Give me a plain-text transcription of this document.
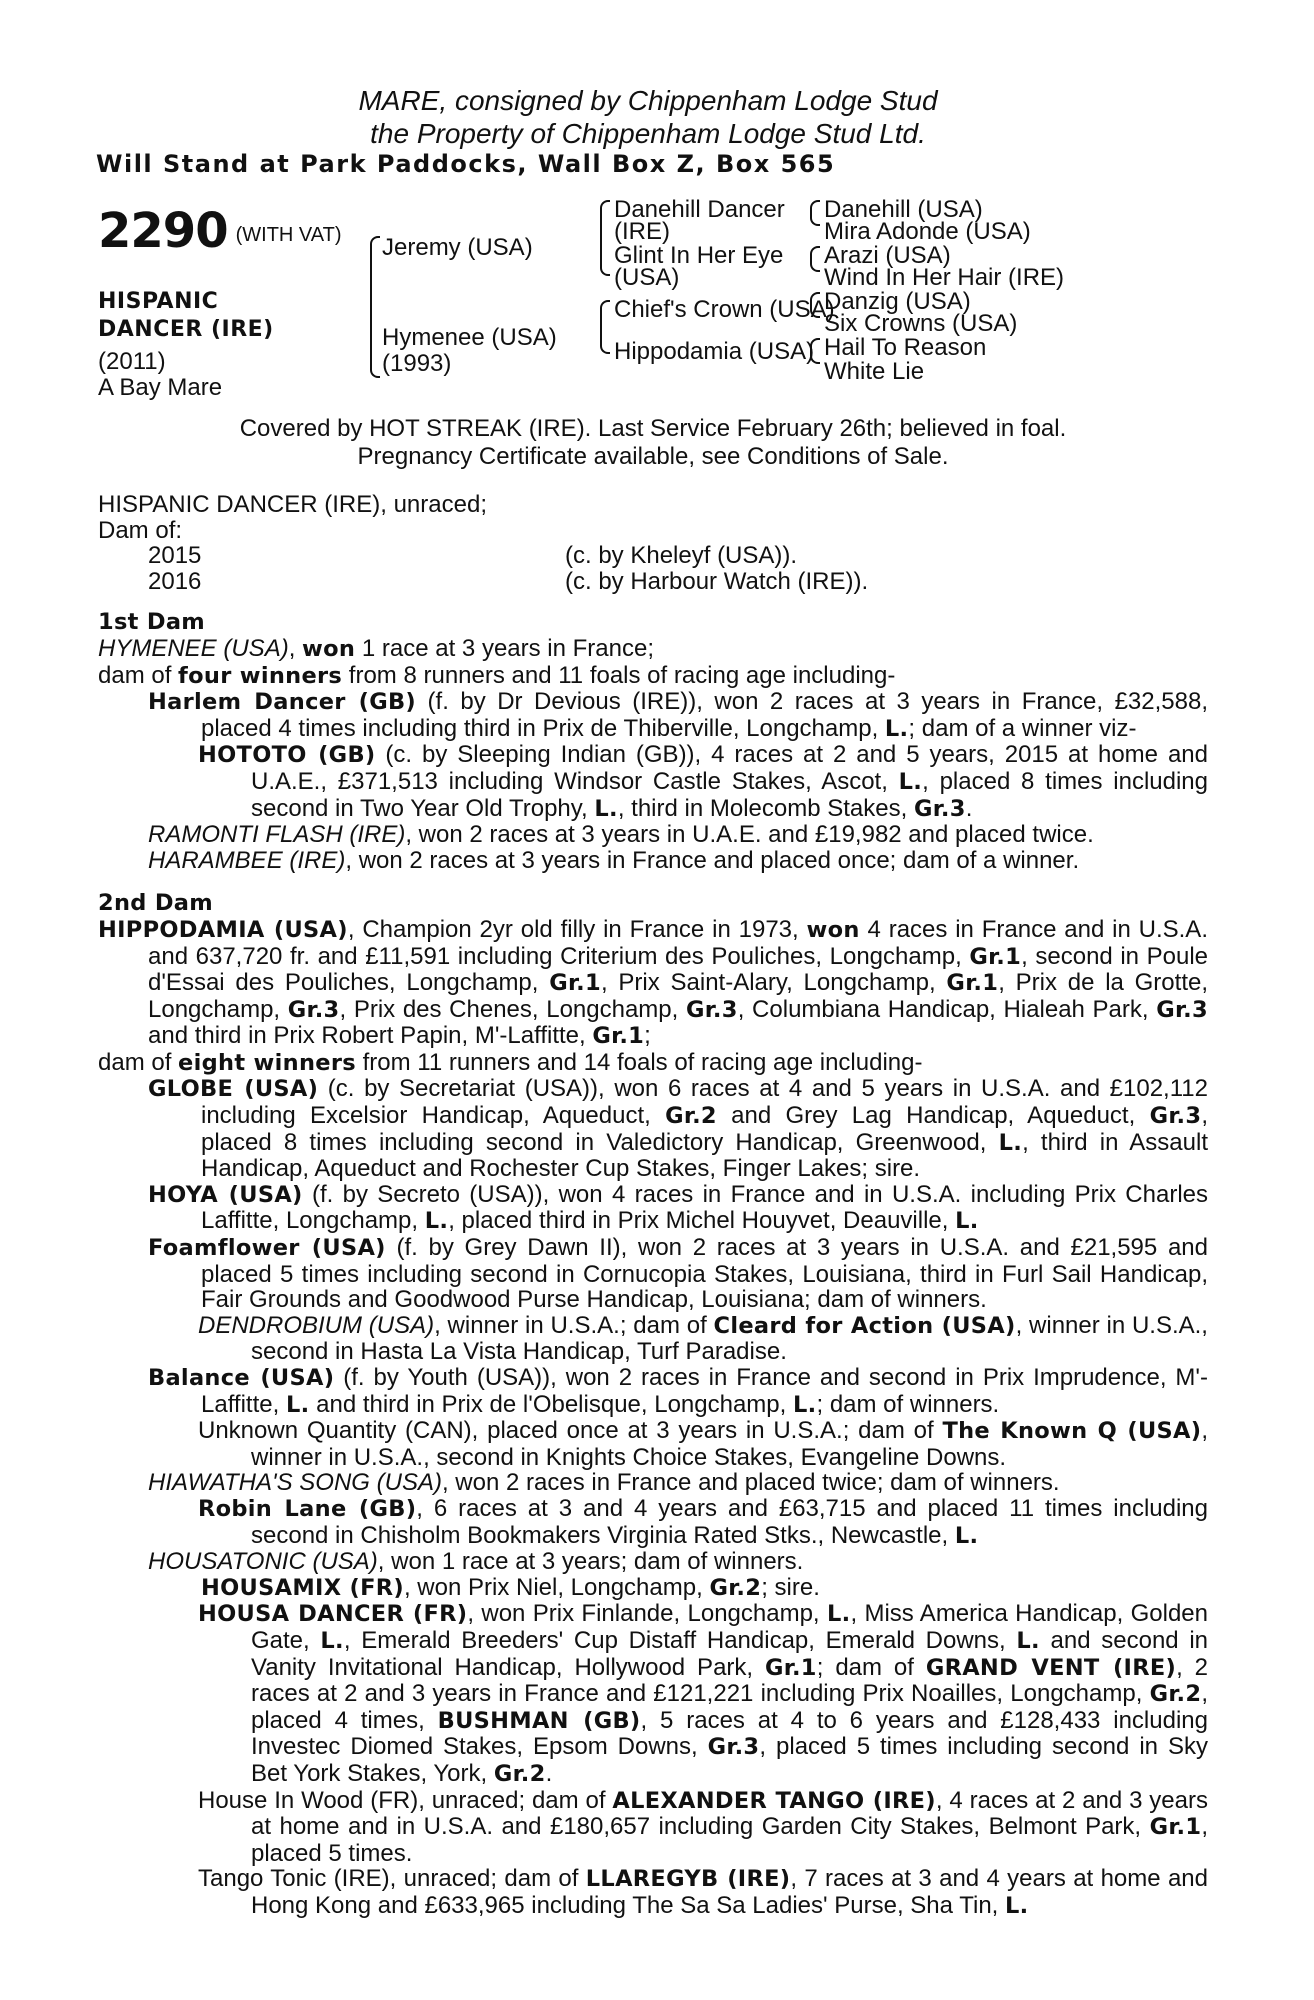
MARE, consigned by Chippenham Lodge Stud
the Property of Chippenham Lodge Stud Ltd.
Will Stand at Park Paddocks, Wall Box Z, Box 565
2290 $^{(WITH VAT)}$
HISPANIC
DANCER (IRE)
(2011)
A Bay Mare
Jeremy (USA)
Hymenee (USA)
(1993)
Danehill Dancer
(IRE)
Glint In Her Eye
(USA)
Chief's Crown (USA)
Hippodamia (USA)
Danehill (USA)
Mira Adonde (USA)
Arazi (USA)
Wind In Her Hair (IRE)
Danzig (USA)
Six Crowns (USA)
Hail To Reason
White Lie
Covered by HOT STREAK (IRE). Last Service February 26th; believed in foal.
Pregnancy Certificate available, see Conditions of Sale.
HISPANIC DANCER (IRE), unraced;
Dam of:
2015	(c. by Kheleyf (USA)).
2016	(c. by Harbour Watch (IRE)).
1st Dam
HYMENEE (USA), won 1 race at 3 years in France;
dam of four winners from 8 runners and 11 foals of racing age including-
Harlem Dancer (GB) (f. by Dr Devious (IRE)), won 2 races at 3 years in France, £32,588, placed 4 times including third in Prix de Thiberville, Longchamp, L.; dam of a winner viz-
HOTOTO (GB) (c. by Sleeping Indian (GB)), 4 races at 2 and 5 years, 2015 at home and U.A.E., £371,513 including Windsor Castle Stakes, Ascot, L., placed 8 times including second in Two Year Old Trophy, L., third in Molecomb Stakes, Gr.3.
RAMONTI FLASH (IRE), won 2 races at 3 years in U.A.E. and £19,982 and placed twice.
HARAMBEE (IRE), won 2 races at 3 years in France and placed once; dam of a winner.
2nd Dam
HIPPODAMIA (USA), Champion 2yr old filly in France in 1973, won 4 races in France and in U.S.A. and 637,720 fr. and £11,591 including Criterium des Pouliches, Longchamp, Gr.1, second in Poule d'Essai des Pouliches, Longchamp, Gr.1, Prix Saint-Alary, Longchamp, Gr.1, Prix de la Grotte, Longchamp, Gr.3, Prix des Chenes, Longchamp, Gr.3, Columbiana Handicap, Hialeah Park, Gr.3 and third in Prix Robert Papin, M'-Laffitte, Gr.1;
dam of eight winners from 11 runners and 14 foals of racing age including-
GLOBE (USA) (c. by Secretariat (USA)), won 6 races at 4 and 5 years in U.S.A. and £102,112 including Excelsior Handicap, Aqueduct, Gr.2 and Grey Lag Handicap, Aqueduct, Gr.3, placed 8 times including second in Valedictory Handicap, Greenwood, L., third in Assault Handicap, Aqueduct and Rochester Cup Stakes, Finger Lakes; sire.
HOYA (USA) (f. by Secreto (USA)), won 4 races in France and in U.S.A. including Prix Charles Laffitte, Longchamp, L., placed third in Prix Michel Houyvet, Deauville, L.
Foamflower (USA) (f. by Grey Dawn II), won 2 races at 3 years in U.S.A. and £21,595 and placed 5 times including second in Cornucopia Stakes, Louisiana, third in Furl Sail Handicap, Fair Grounds and Goodwood Purse Handicap, Louisiana; dam of winners.
DENDROBIUM (USA), winner in U.S.A.; dam of Cleard for Action (USA), winner in U.S.A., second in Hasta La Vista Handicap, Turf Paradise.
Balance (USA) (f. by Youth (USA)), won 2 races in France and second in Prix Imprudence, M'-Laffitte, L. and third in Prix de l'Obelisque, Longchamp, L.; dam of winners.
Unknown Quantity (CAN), placed once at 3 years in U.S.A.; dam of The Known Q (USA), winner in U.S.A., second in Knights Choice Stakes, Evangeline Downs.
HIAWATHA'S SONG (USA), won 2 races in France and placed twice; dam of winners.
Robin Lane (GB), 6 races at 3 and 4 years and £63,715 and placed 11 times including second in Chisholm Bookmakers Virginia Rated Stks., Newcastle, L.
HOUSATONIC (USA), won 1 race at 3 years; dam of winners.
HOUSAMIX (FR), won Prix Niel, Longchamp, Gr.2; sire.
HOUSA DANCER (FR), won Prix Finlande, Longchamp, L., Miss America Handicap, Golden Gate, L., Emerald Breeders' Cup Distaff Handicap, Emerald Downs, L. and second in Vanity Invitational Handicap, Hollywood Park, Gr.1; dam of GRAND VENT (IRE), 2 races at 2 and 3 years in France and £121,221 including Prix Noailles, Longchamp, Gr.2, placed 4 times, BUSHMAN (GB), 5 races at 4 to 6 years and £128,433 including Investec Diomed Stakes, Epsom Downs, Gr.3, placed 5 times including second in Sky Bet York Stakes, York, Gr.2.
House In Wood (FR), unraced; dam of ALEXANDER TANGO (IRE), 4 races at 2 and 3 years at home and in U.S.A. and £180,657 including Garden City Stakes, Belmont Park, Gr.1, placed 5 times.
Tango Tonic (IRE), unraced; dam of LLAREGYB (IRE), 7 races at 3 and 4 years at home and Hong Kong and £633,965 including The Sa Sa Ladies' Purse, Sha Tin, L.
